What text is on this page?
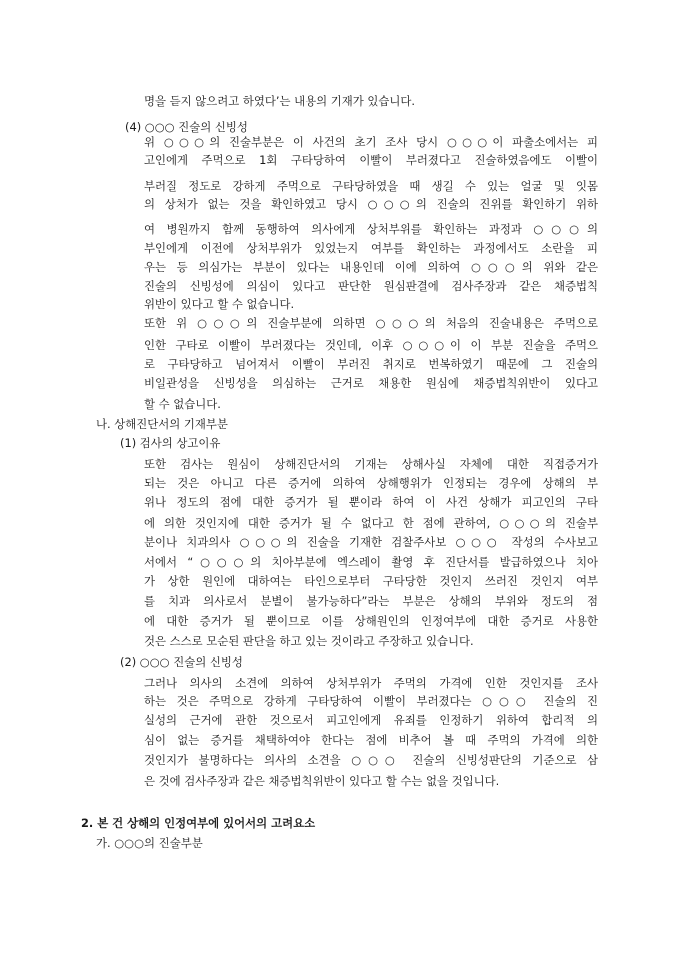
명을 듣지 않으려고 하였다’는 내용의 기재가 있습니다.
(4) ○○○ 진술의 신빙성
위 ○○○의 진술부분은 이 사건의 초기 조사 당시 ○○○이 파출소에서는 피
고인에게 주먹으로 1회 구타당하여 이빨이 부러졌다고 진술하였음에도 이빨이
부러질 정도로 강하게 주먹으로 구타당하였을 때 생길 수 있는 얼굴 및 잇몸
의 상처가 없는 것을 확인하였고 당시 ○○○의 진술의 진위를 확인하기 위하
여 병원까지 함께 동행하여 의사에게 상처부위를 확인하는 과정과 ○○○의
부인에게 이전에 상처부위가 있었는지 여부를 확인하는 과정에서도 소란을 피
우는 등 의심가는 부분이 있다는 내용인데 이에 의하여 ○○○의 위와 같은
진술의 신빙성에 의심이 있다고 판단한 원심판결에 검사주장과 같은 채증법칙
위반이 있다고 할 수 없습니다.
또한 위 ○○○의 진술부분에 의하면 ○○○의 처음의 진술내용은 주먹으로
인한 구타로 이빨이 부러졌다는 것인데, 이후 ○○○이 이 부분 진술을 주먹으
로 구타당하고 넘어져서 이빨이 부러진 취지로 번복하였기 때문에 그 진술의
비일관성을 신빙성을 의심하는 근거로 채용한 원심에 채증법칙위반이 있다고
할 수 없습니다.
나. 상해진단서의 기재부분
(1) 검사의 상고이유
또한 검사는 원심이 상해진단서의 기재는 상해사실 자체에 대한 직접증거가
되는 것은 아니고 다른 증거에 의하여 상해행위가 인정되는 경우에 상해의 부
위나 정도의 점에 대한 증거가 될 뿐이라 하여 이 사건 상해가 피고인의 구타
에 의한 것인지에 대한 증거가 될 수 없다고 한 점에 관하여, ○○○의 진술부
분이나 치과의사 ○○○의 진술을 기재한 검찰주사보 ○○○ 작성의 수사보고
서에서 “○○○의 치아부분에 엑스레이 촬영 후 진단서를 발급하였으나 치아
가 상한 원인에 대하여는 타인으로부터 구타당한 것인지 쓰러진 것인지 여부
를 치과 의사로서 분별이 불가능하다”라는 부분은 상해의 부위와 정도의 점
에 대한 증거가 될 뿐이므로 이를 상해원인의 인정여부에 대한 증거로 사용한
것은 스스로 모순된 판단을 하고 있는 것이라고 주장하고 있습니다.
(2) ○○○ 진술의 신빙성
그러나 의사의 소견에 의하여 상처부위가 주먹의 가격에 인한 것인지를 조사
하는 것은 주먹으로 강하게 구타당하여 이빨이 부러졌다는 ○○○ 진술의 진
실성의 근거에 관한 것으로서 피고인에게 유죄를 인정하기 위하여 합리적 의
심이 없는 증거를 채택하여야 한다는 점에 비추어 볼 때 주먹의 가격에 의한
것인지가 불명하다는 의사의 소견을 ○○○ 진술의 신빙성판단의 기준으로 삼
은 것에 검사주장과 같은 채증법칙위반이 있다고 할 수는 없을 것입니다.
2. 본 건 상해의 인정여부에 있어서의 고려요소
가. ○○○의 진술부분
